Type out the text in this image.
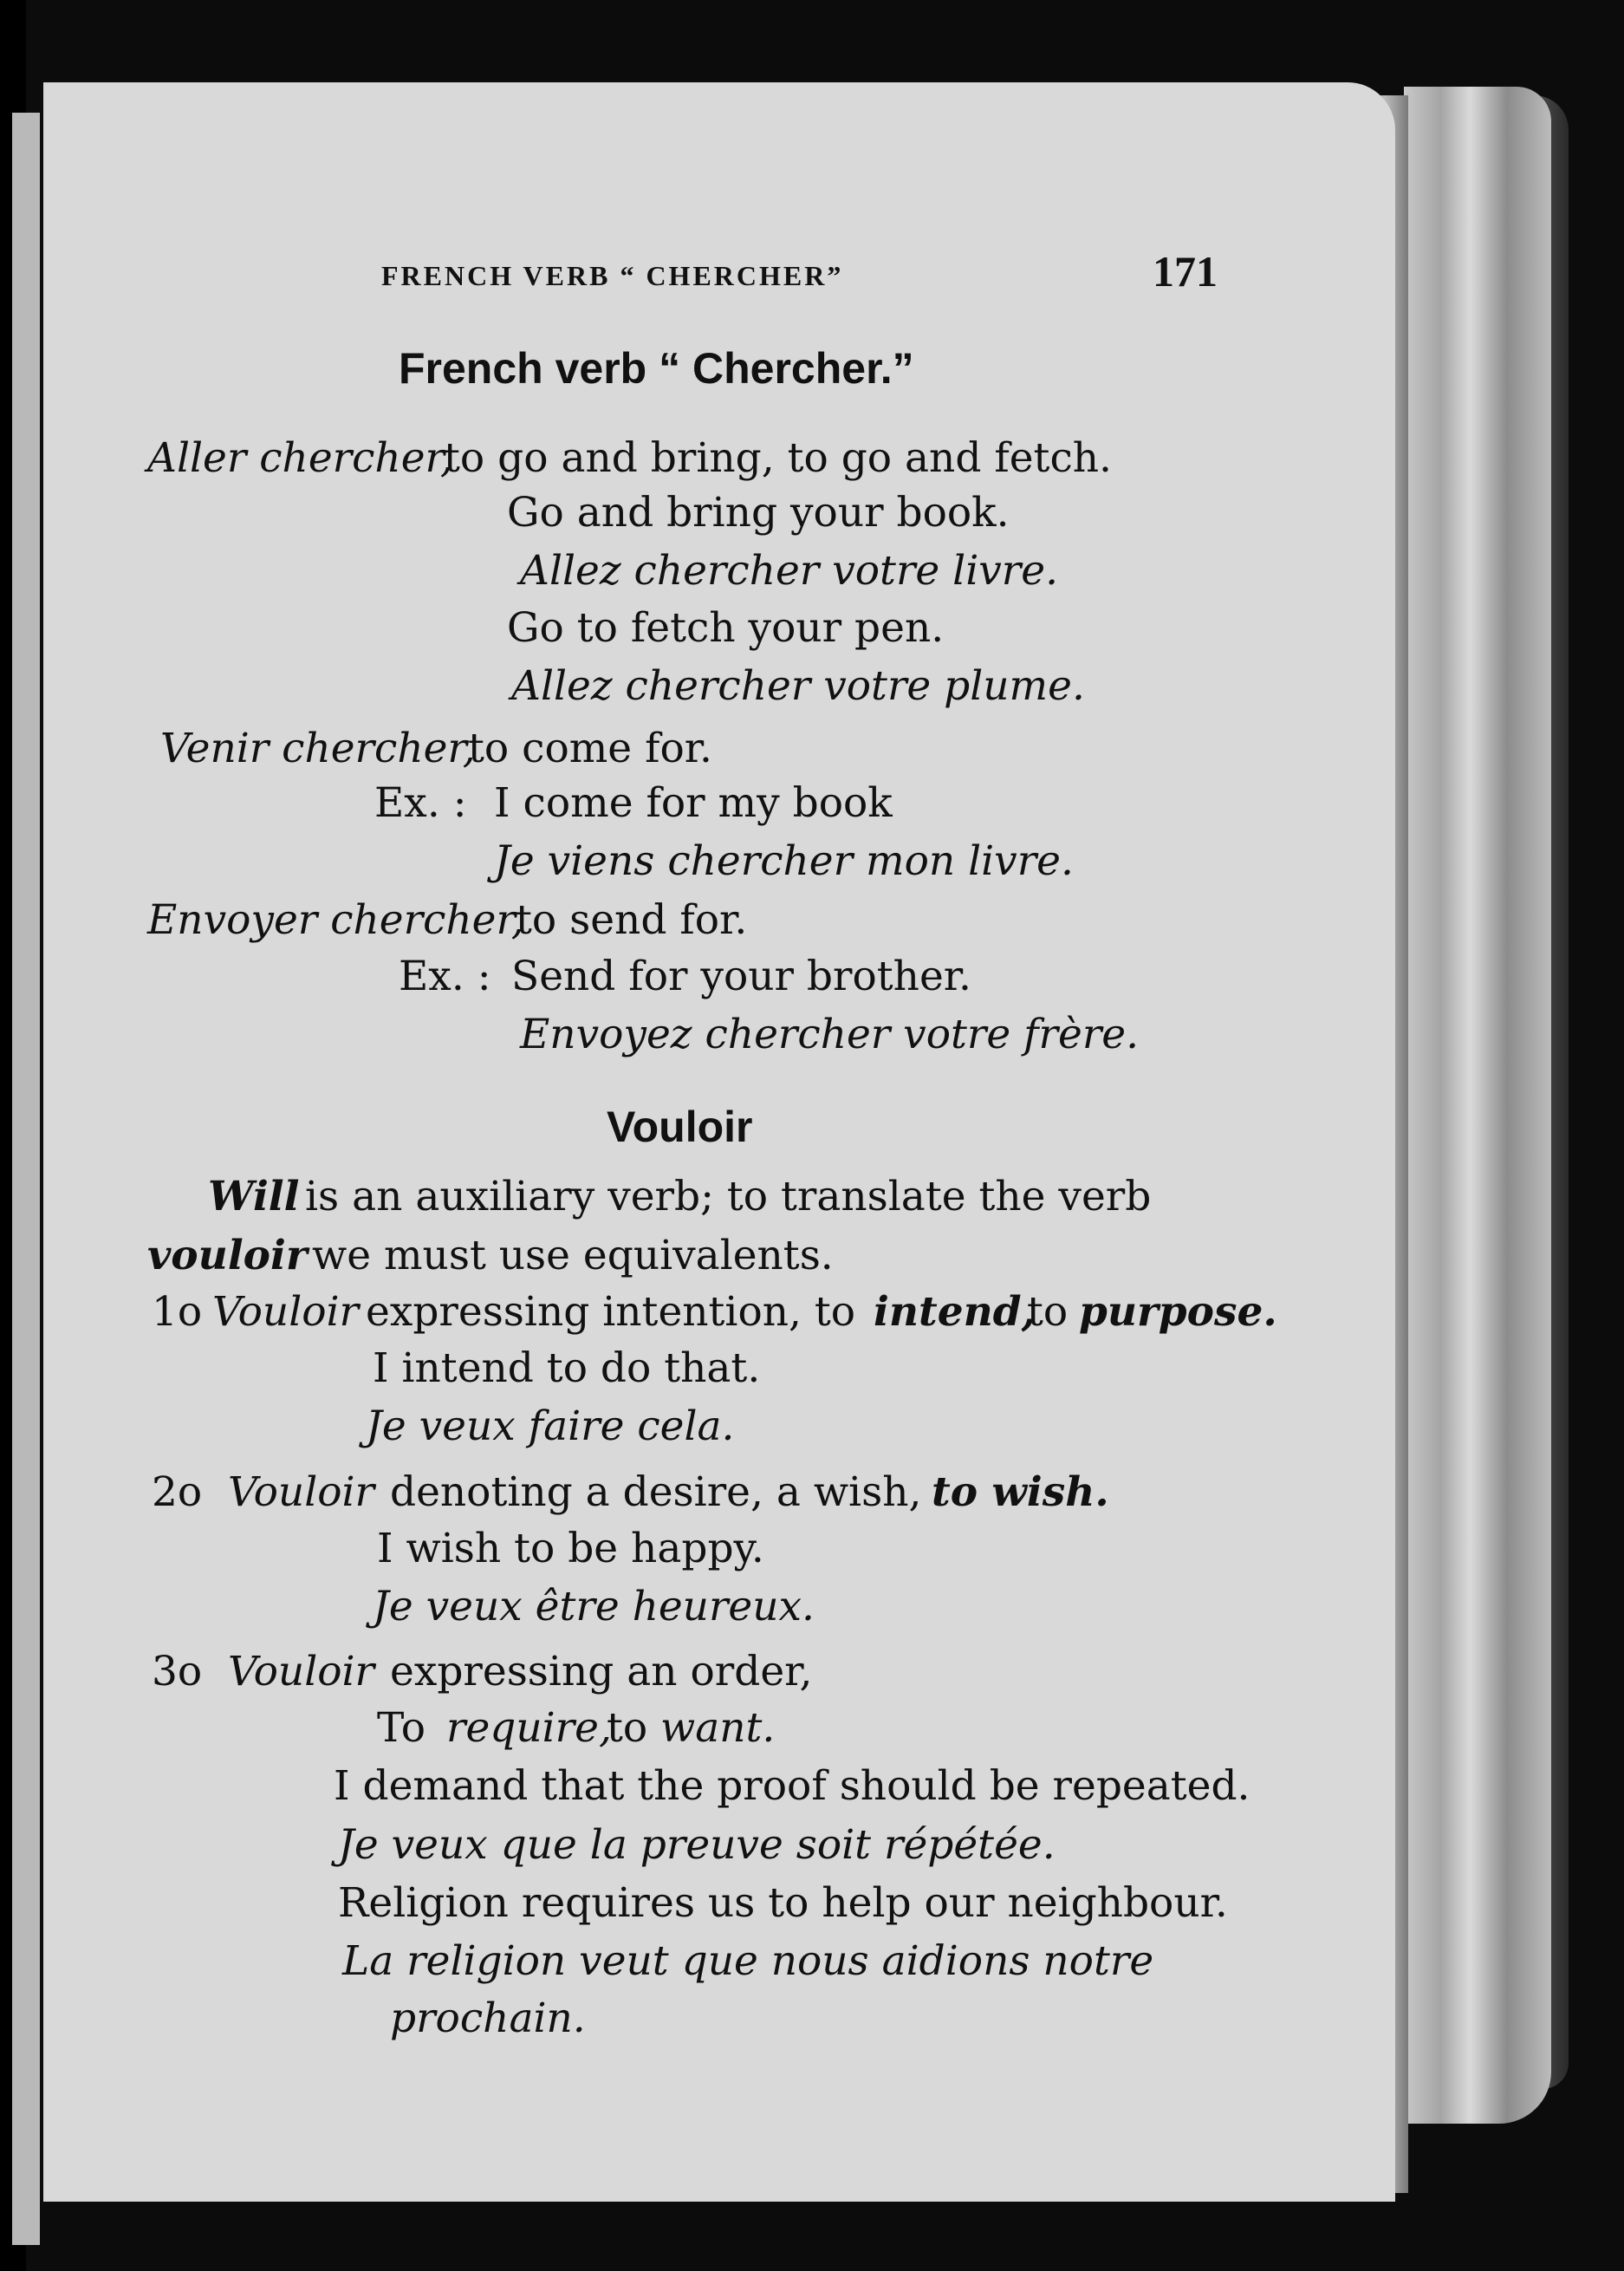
FRENCH VERB “ CHERCHER”	171
French verb “ Chercher.”
Aller chercher,
to go and bring, to go and fetch.
Go and bring your book.
Allez chercher votre livre.
Go to fetch your pen.
Allez chercher votre plume.
Venir chercher,
to come for.
Ex. : I come for my book
Je viens chercher mon livre.
Envoyer chercher,
to send for.
Ex. : Send for your brother.
Envoyez chercher votre frère.
Vouloir
Will is an auxiliary verb; to translate the verb
vouloir we must use equivalents.
1o Vouloir expressing intention, to intend,
to purpose.
I intend to do that.
Je veux faire cela.
2o Vouloir denoting a desire, a wish, to wish.
I wish to be happy.
Je veux être heureux.
3o Vouloir expressing an order,
To require,
to want.
I demand that the proof should be repeated.
Je veux que la preuve soit répétée.
Religion requires us to help our neighbour.
La religion veut que nous aidions notre
prochain.
